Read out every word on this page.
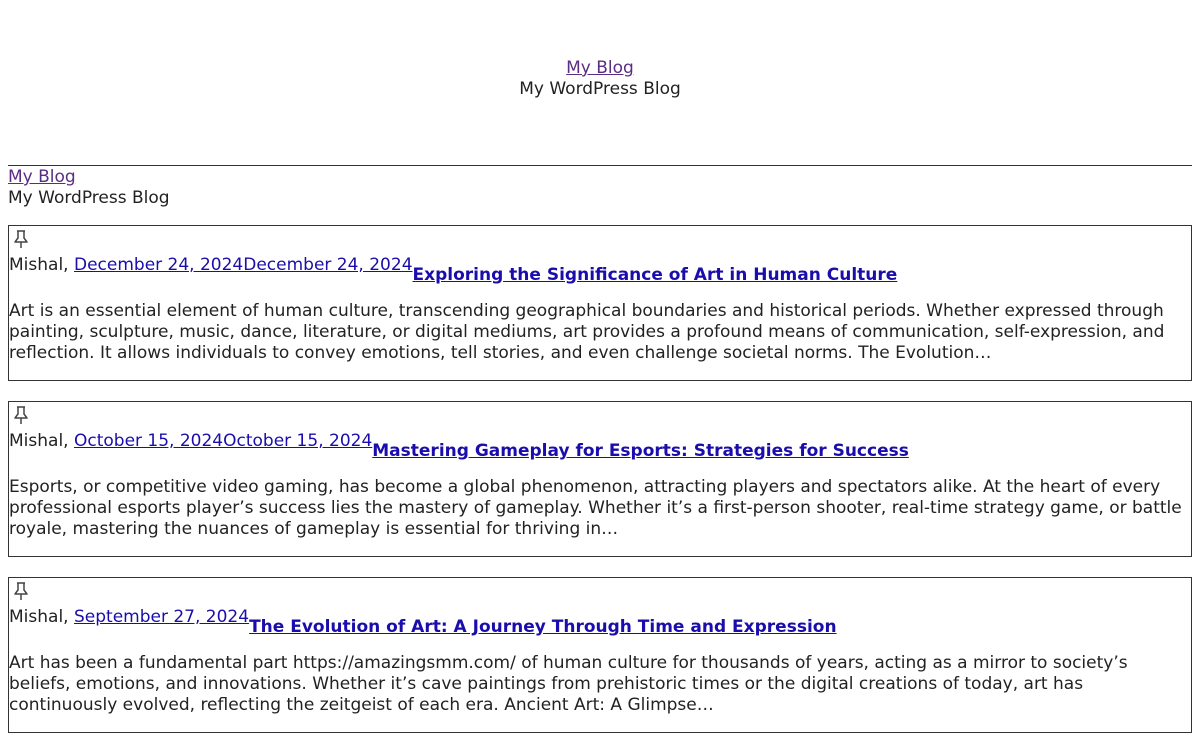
My Blog
My WordPress Blog
My Blog
My WordPress Blog
Mishal, December 24, 2024December 24, 2024Exploring the Significance of Art in Human Culture

Art is an essential element of human culture, transcending geographical boundaries and historical periods. Whether expressed through painting, sculpture, music, dance, literature, or digital mediums, art provides a profound means of communication, self-expression, and reflection. It allows individuals to convey emotions, tell stories, and even challenge societal norms. The Evolution…

Mishal, October 15, 2024October 15, 2024Mastering Gameplay for Esports: Strategies for Success

Esports, or competitive video gaming, has become a global phenomenon, attracting players and spectators alike. At the heart of every professional esports player’s success lies the mastery of gameplay. Whether it’s a first-person shooter, real-time strategy game, or battle royale, mastering the nuances of gameplay is essential for thriving in…

Mishal, September 27, 2024The Evolution of Art: A Journey Through Time and Expression

Art has been a fundamental part https://amazingsmm.com/ of human culture for thousands of years, acting as a mirror to society’s beliefs, emotions, and innovations. Whether it’s cave paintings from prehistoric times or the digital creations of today, art has continuously evolved, reflecting the zeitgeist of each era. Ancient Art: A Glimpse…
